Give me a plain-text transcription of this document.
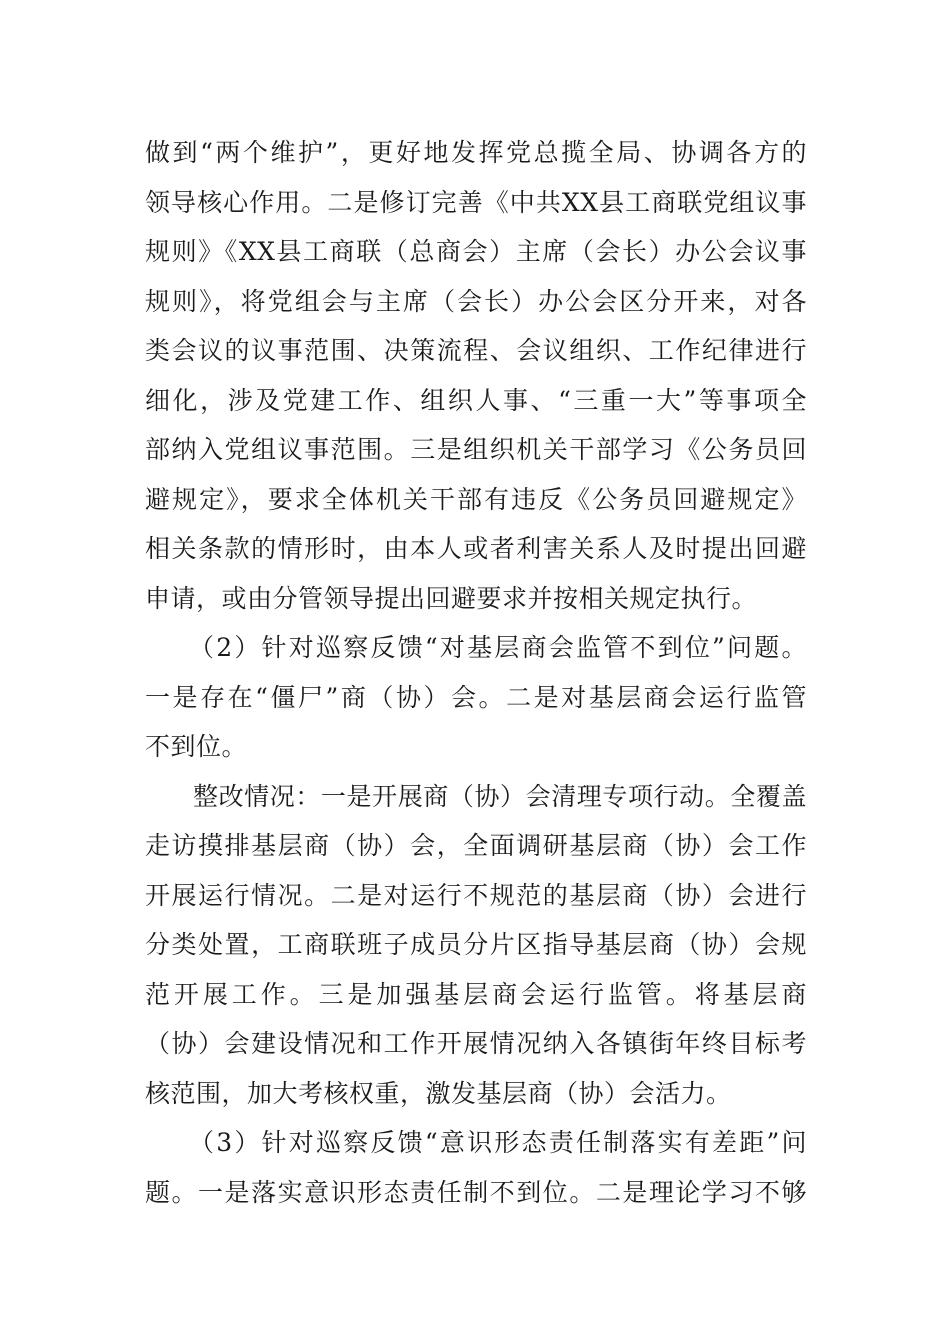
做到“两个维护”，更好地发挥党总揽全局、协调各方的
领导核心作用。二是修订完善《中共XX县工商联党组议事
规则》《XX县工商联（总商会）主席（会长）办公会议事
规则》，将党组会与主席（会长）办公会区分开来，对各
类会议的议事范围、决策流程、会议组织、工作纪律进行
细化，涉及党建工作、组织人事、“三重一大”等事项全
部纳入党组议事范围。三是组织机关干部学习《公务员回
避规定》，要求全体机关干部有违反《公务员回避规定》
相关条款的情形时，由本人或者利害关系人及时提出回避
申请，或由分管领导提出回避要求并按相关规定执行。
（2）针对巡察反馈“对基层商会监管不到位”问题。
一是存在“僵尸”商（协）会。二是对基层商会运行监管
不到位。
整改情况：一是开展商（协）会清理专项行动。全覆盖
走访摸排基层商（协）会，全面调研基层商（协）会工作
开展运行情况。二是对运行不规范的基层商（协）会进行
分类处置，工商联班子成员分片区指导基层商（协）会规
范开展工作。三是加强基层商会运行监管。将基层商
（协）会建设情况和工作开展情况纳入各镇街年终目标考
核范围，加大考核权重，激发基层商（协）会活力。
（3）针对巡察反馈“意识形态责任制落实有差距”问
题。一是落实意识形态责任制不到位。二是理论学习不够
